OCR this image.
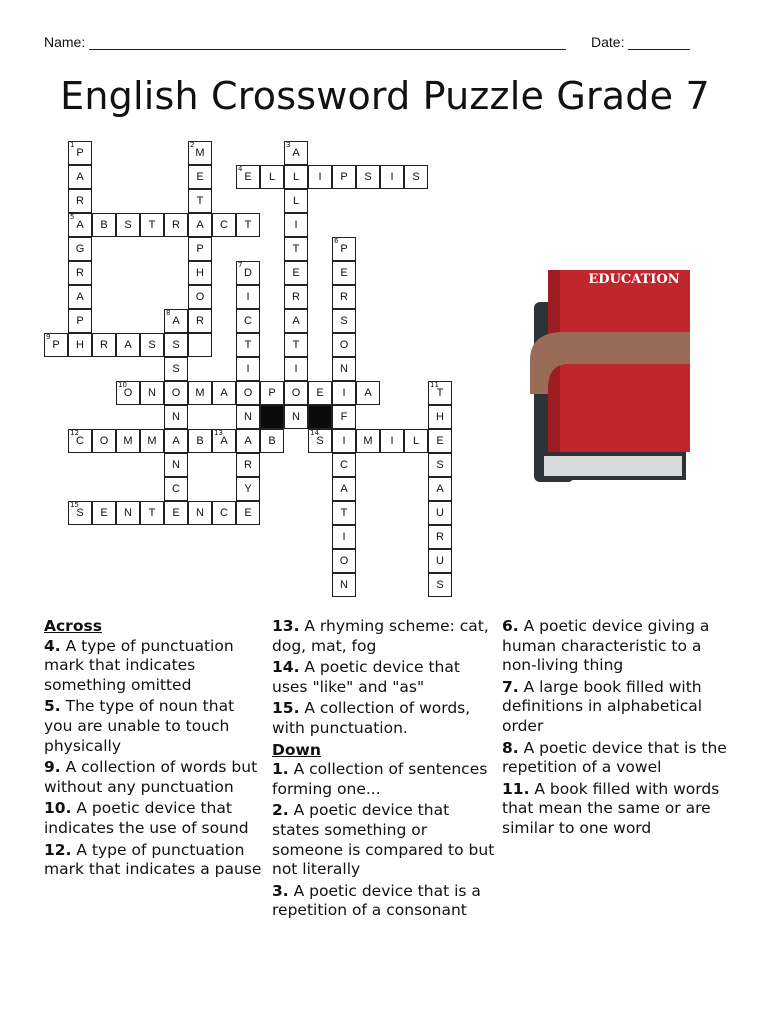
Name:	Date:
English Crossword Puzzle Grade 7
1
P
A
R
5
A
G
R
A
P
B	S	T	R	A	C	T
2
M
E
T
P
H
O
R
3
A
L
L
I
T
E
R
A
T
I
O
N
4
E	L	I	P	S	I	S
6
P
E
R
S
O
N
I
F
I
C
A
T
I
O
N
7
D
I
C
T
I
O
N
A
R
Y
8
A
S
S
O
N
A
N
C
E
9
P	H	R	A	S
10
O	N	M	A	P	E	A
11
T
H
E
S
A
U
R
U
S
12
C	O	M	M
13
A	B
14
S	M	I	L
15
S	E	N	T	N	C	E
B
EDUCATION
Across
4. A type of punctuation mark that indicates something omitted
5. The type of noun that you are unable to touch physically
9. A collection of words but without any punctuation
10. A poetic device that indicates the use of sound
12. A type of punctuation mark that indicates a pause
13. A rhyming scheme: cat, dog, mat, fog
14. A poetic device that uses "like" and "as"
15. A collection of words, with punctuation.
Down
1. A collection of sentences forming one...
2. A poetic device that states something or someone is compared to but not literally
3. A poetic device that is a repetition of a consonant
6. A poetic device giving a human characteristic to a non-living thing
7. A large book filled with definitions in alphabetical order
8. A poetic device that is the repetition of a vowel
11. A book filled with words that mean the same or are similar to one word
